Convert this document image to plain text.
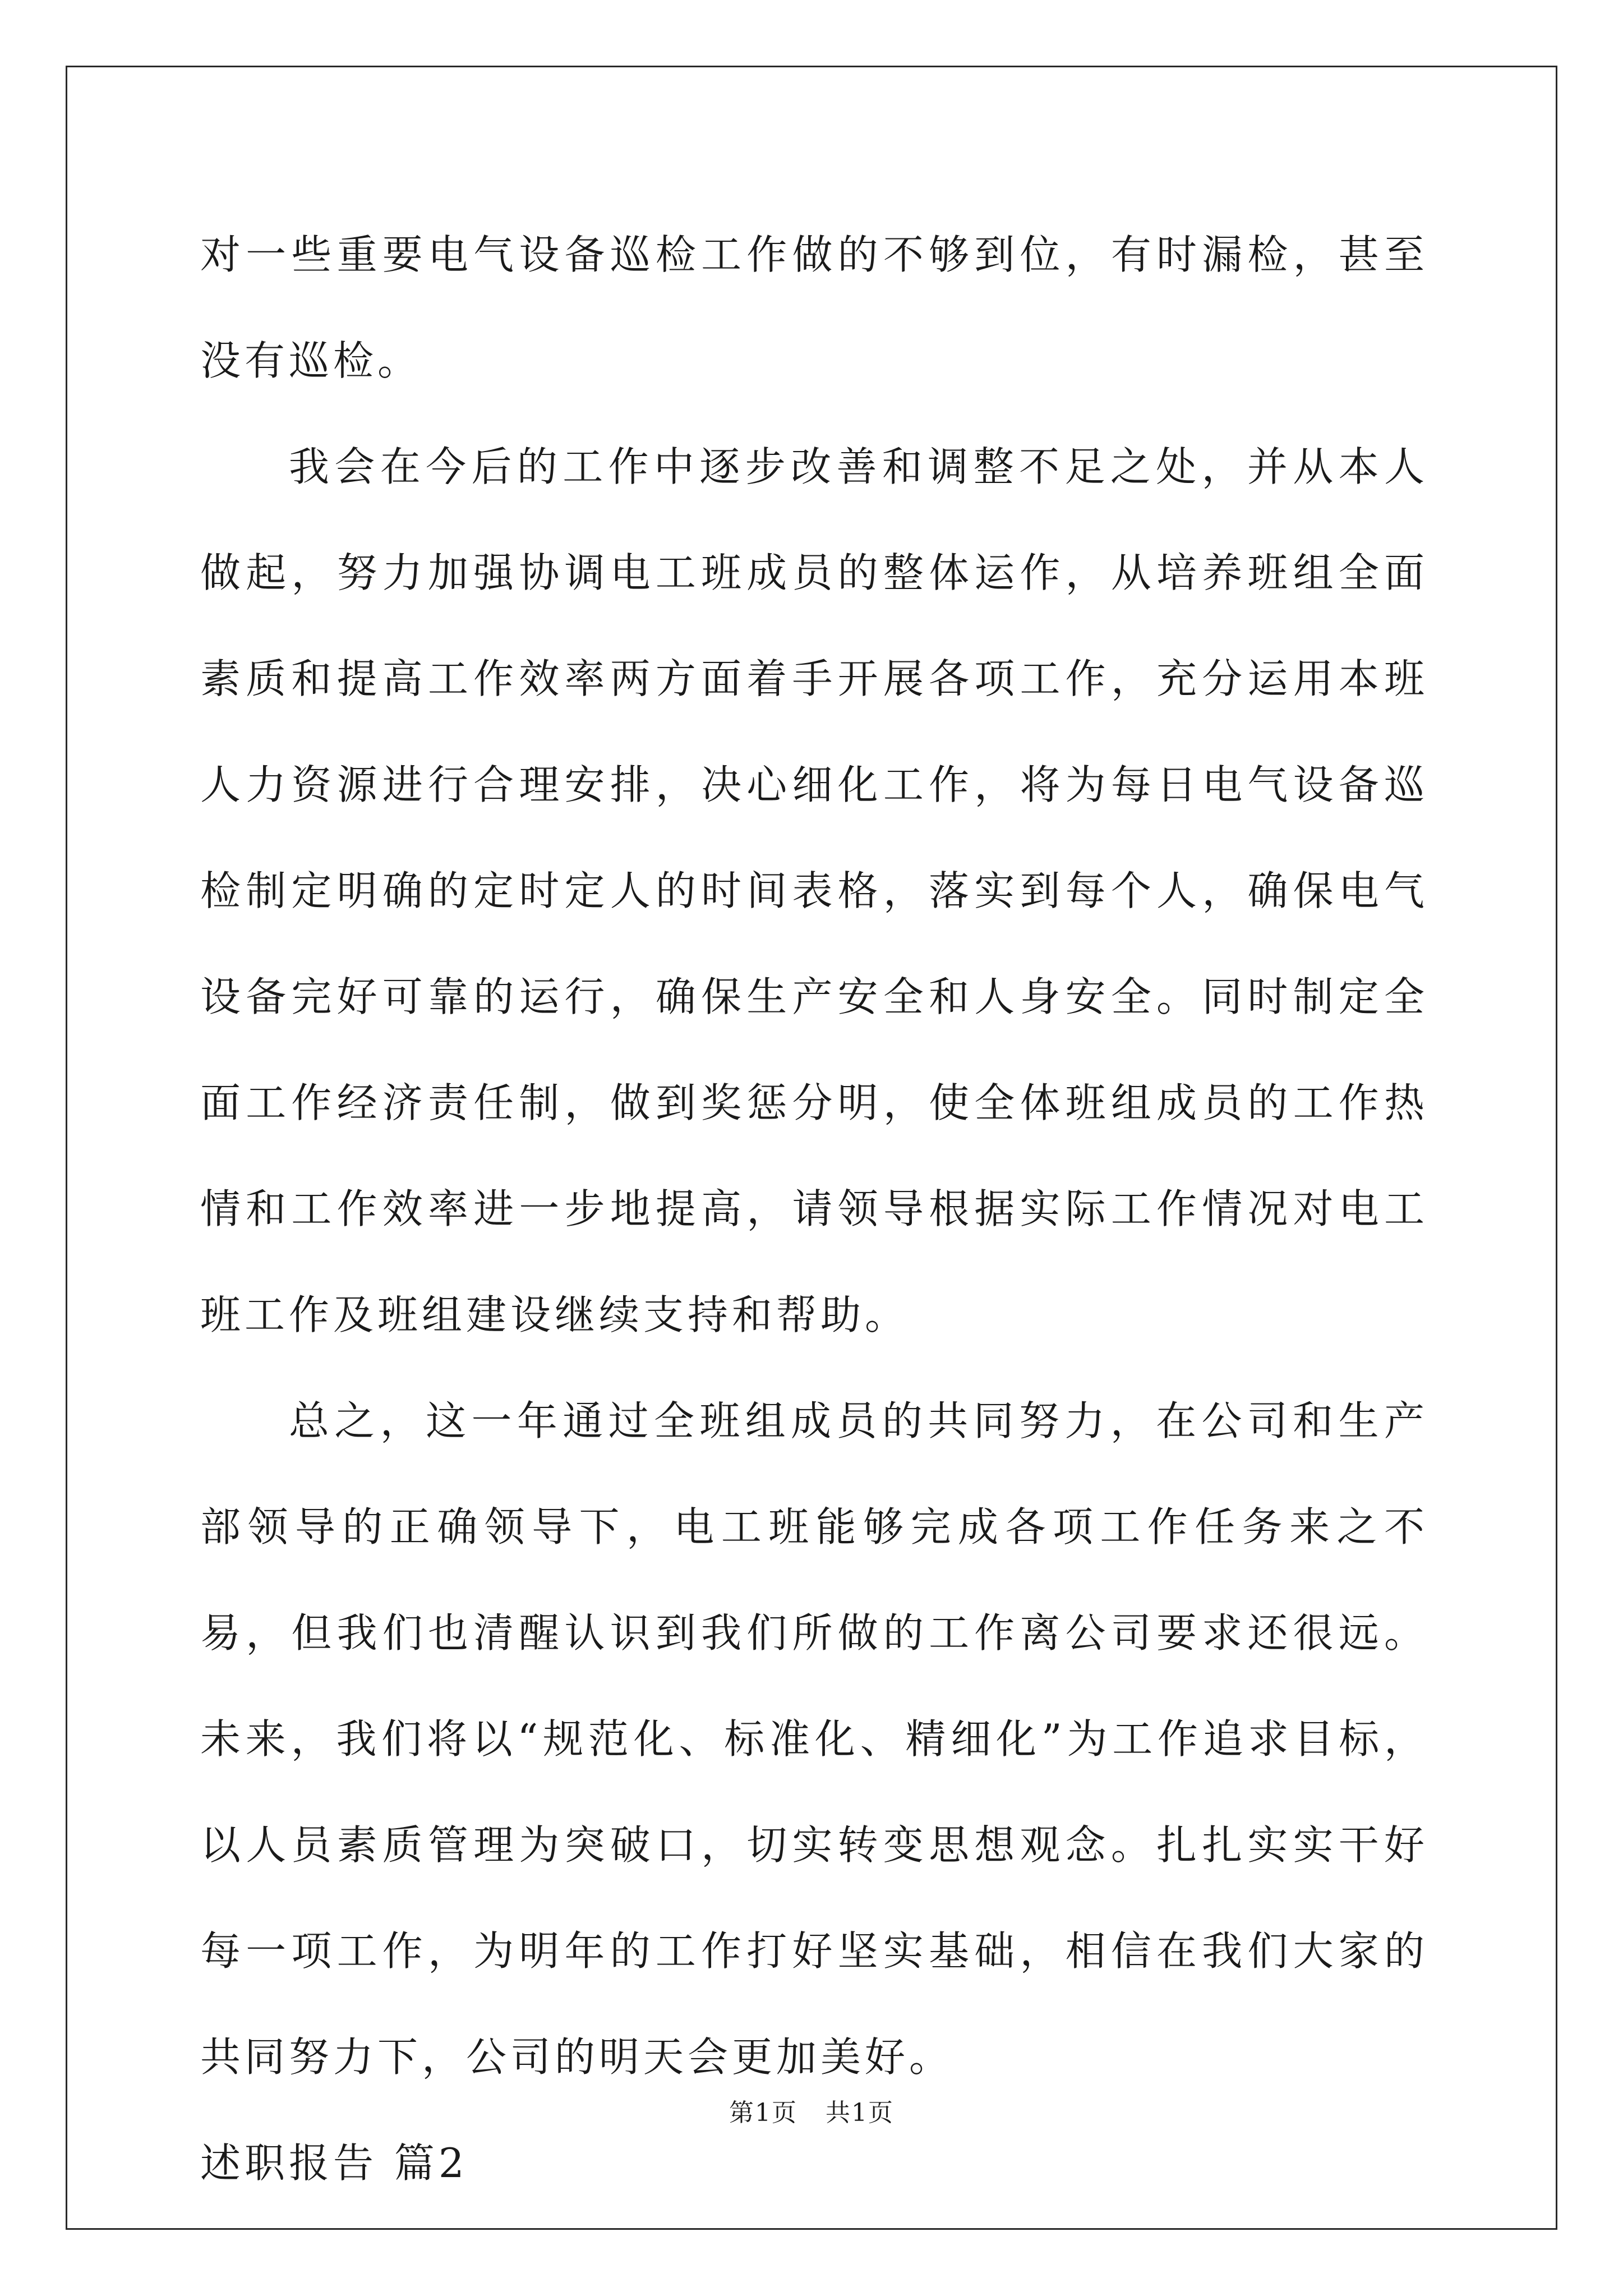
对一些重要电气设备巡检工作做的不够到位，有时漏检，甚至没有巡检。

我会在今后的工作中逐步改善和调整不足之处，并从本人做起，努力加强协调电工班成员的整体运作，从培养班组全面素质和提高工作效率两方面着手开展各项工作，充分运用本班人力资源进行合理安排，决心细化工作，将为每日电气设备巡检制定明确的定时定人的时间表格，落实到每个人，确保电气设备完好可靠的运行，确保生产安全和人身安全。同时制定全面工作经济责任制，做到奖惩分明，使全体班组成员的工作热情和工作效率进一步地提高，请领导根据实际工作情况对电工班工作及班组建设继续支持和帮助。

总之，这一年通过全班组成员的共同努力，在公司和生产部领导的正确领导下，电工班能够完成各项工作任务来之不易，但我们也清醒认识到我们所做的工作离公司要求还很远。未来，我们将以“规范化、标准化、精细化”为工作追求目标，以人员素质管理为突破口，切实转变思想观念。扎扎实实干好每一项工作，为明年的工作打好坚实基础，相信在我们大家的共同努力下，公司的明天会更加美好。

述职报告 篇2

第1页 共1页
